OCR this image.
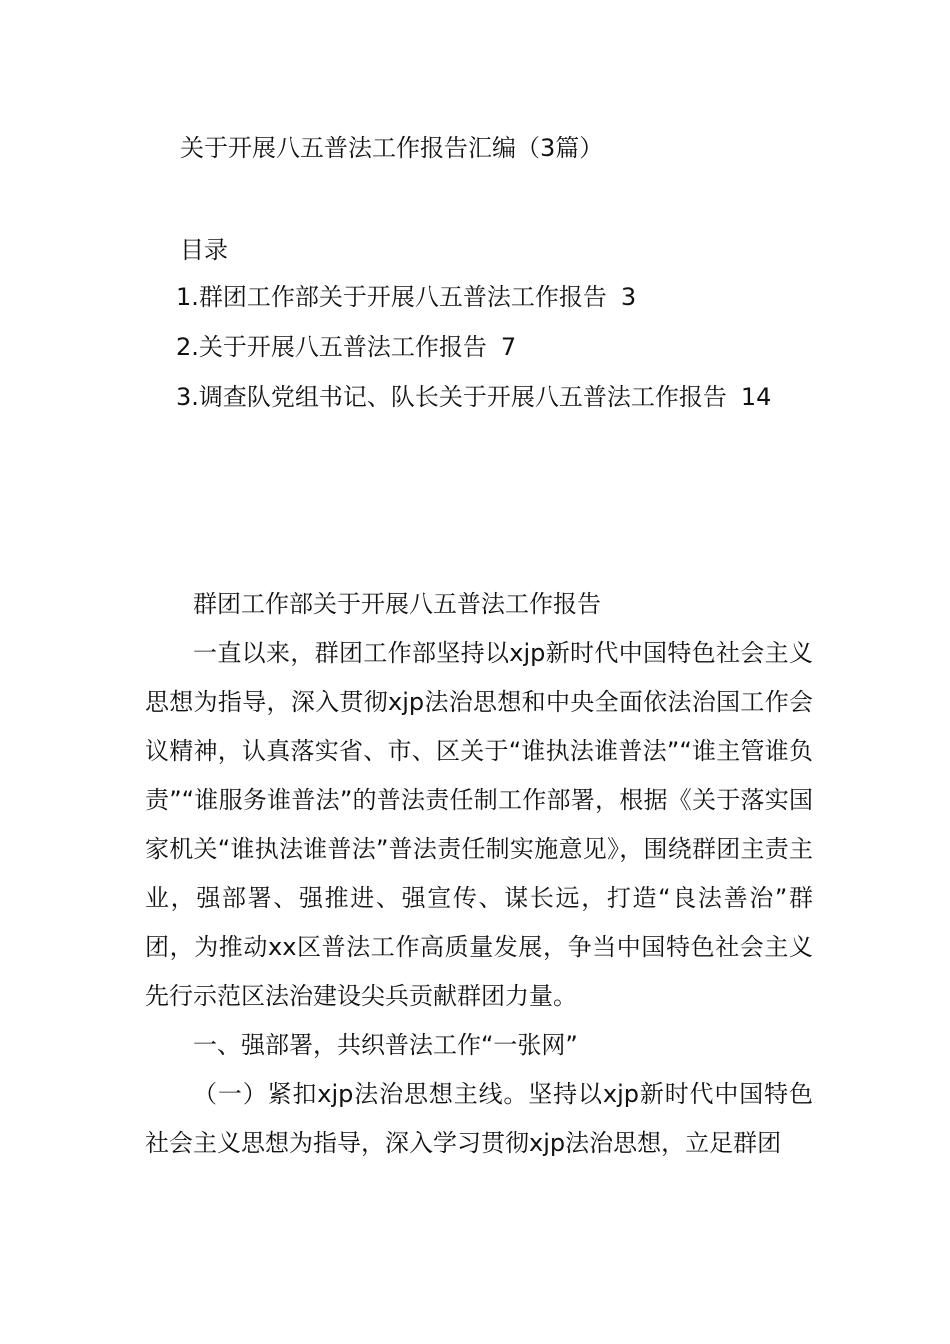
关于开展八五普法工作报告汇编（3篇）
目录
1.群团工作部关于开展八五普法工作报告 3
2.关于开展八五普法工作报告 7
3.调查队党组书记、队长关于开展八五普法工作报告 14

群团工作部关于开展八五普法工作报告

一直以来，群团工作部坚持以xjp新时代中国特色社会主义思想为指导，深入贯彻xjp法治思想和中央全面依法治国工作会议精神，认真落实省、市、区关于“谁执法谁普法”“谁主管谁负责”“谁服务谁普法”的普法责任制工作部署，根据《关于落实国家机关“谁执法谁普法”普法责任制实施意见》，围绕群团主责主业，强部署、强推进、强宣传、谋长远，打造“良法善治”群团，为推动xx区普法工作高质量发展，争当中国特色社会主义先行示范区法治建设尖兵贡献群团力量。

一、强部署，共织普法工作“一张网”

（一）紧扣xjp法治思想主线。坚持以xjp新时代中国特色社会主义思想为指导，深入学习贯彻xjp法治思想，立足群团
